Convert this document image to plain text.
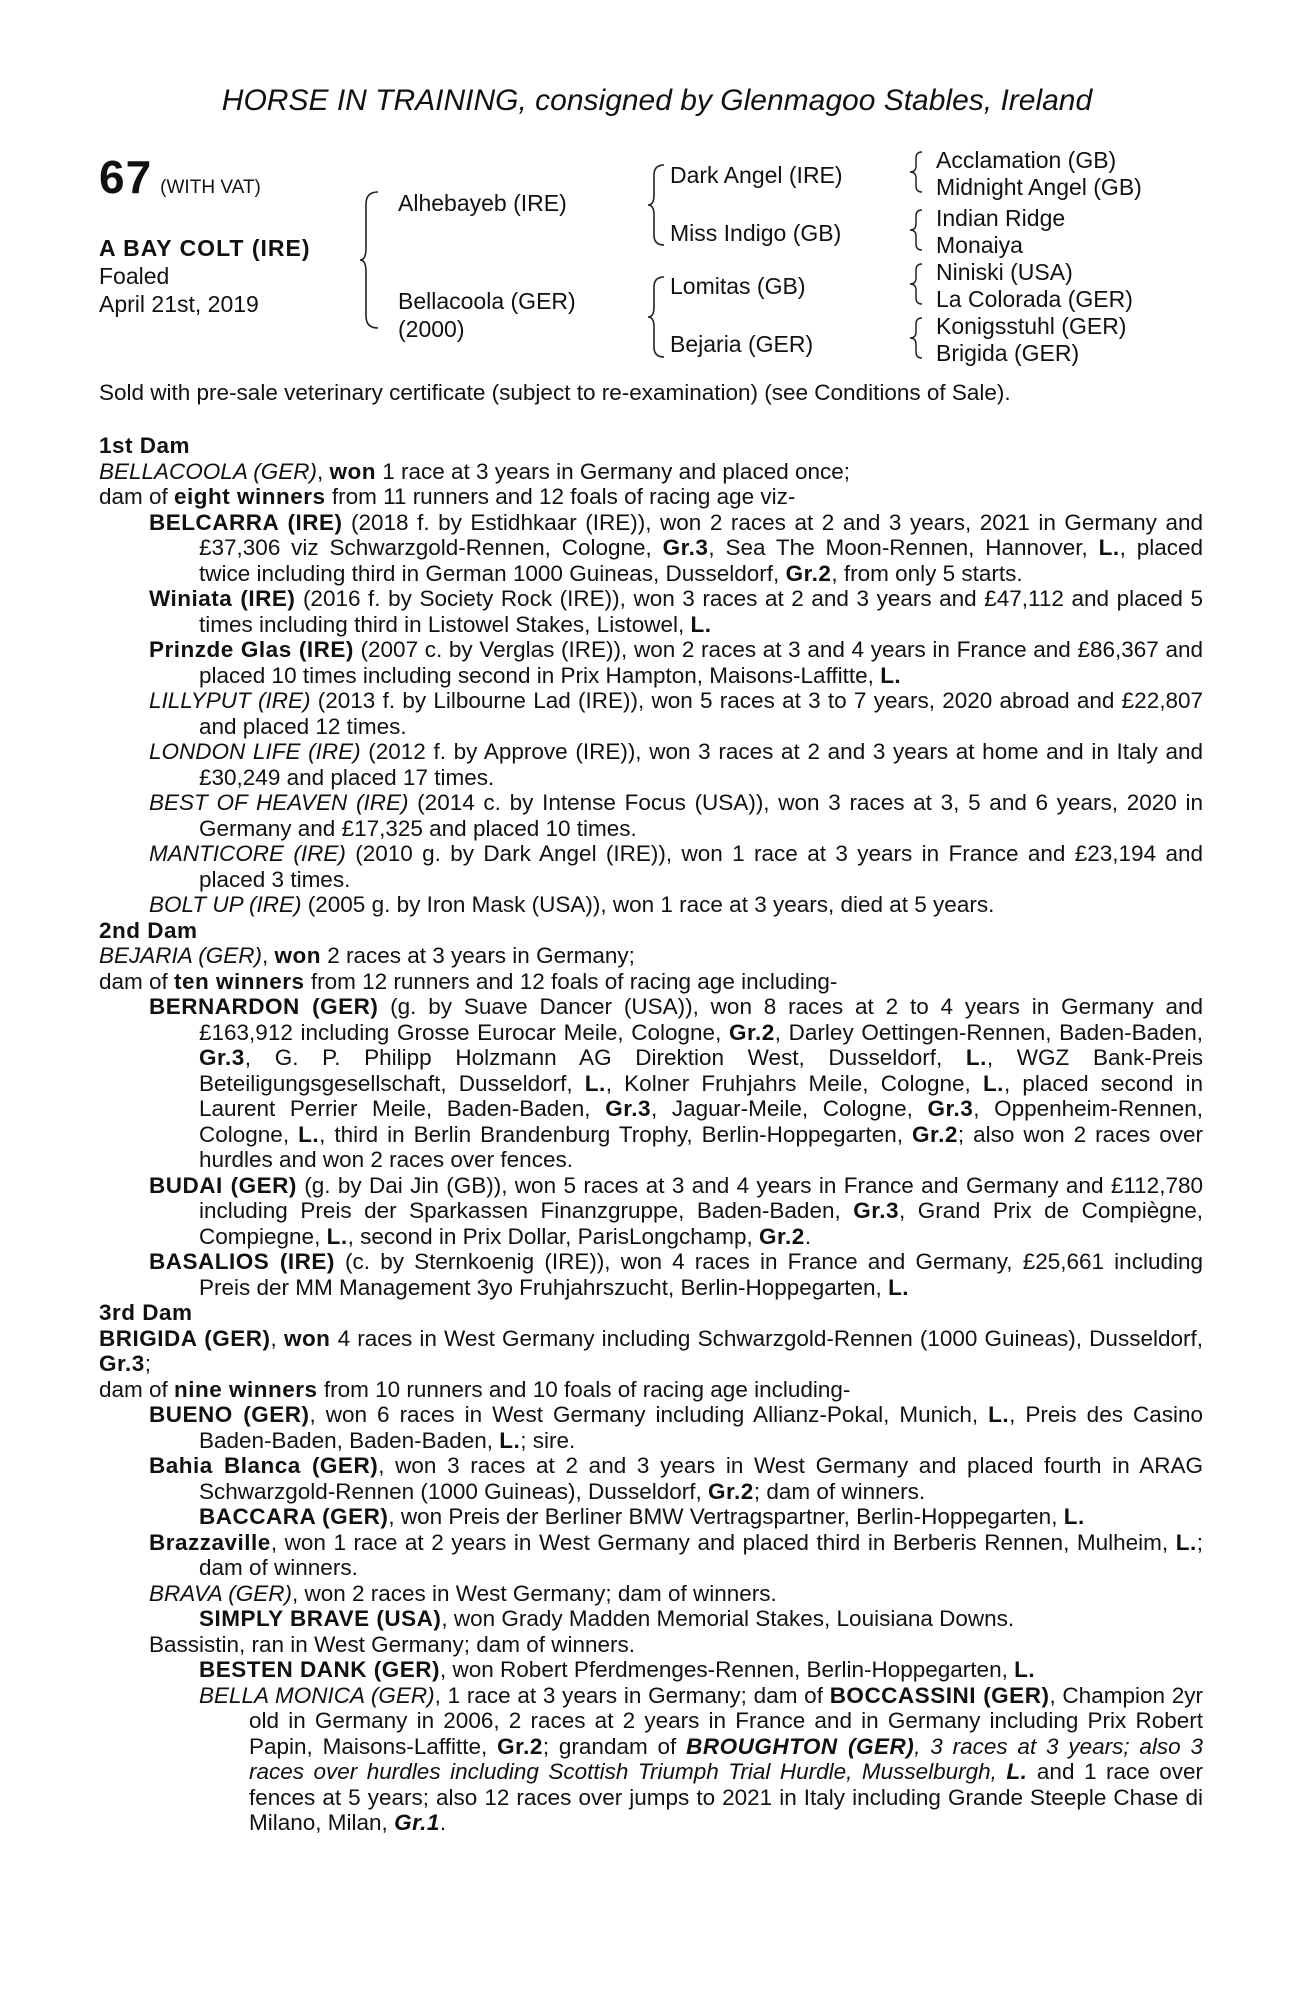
HORSE IN TRAINING, consigned by Glenmagoo Stables, Ireland
67 (WITH VAT)
A BAY COLT (IRE)
Foaled
April 21st, 2019
Alhebayeb (IRE)
Bellacoola (GER)
(2000)
Dark Angel (IRE)
Miss Indigo (GB)
Lomitas (GB)
Bejaria (GER)
Acclamation (GB)
Midnight Angel (GB)
Indian Ridge
Monaiya
Niniski (USA)
La Colorada (GER)
Konigsstuhl (GER)
Brigida (GER)
Sold with pre-sale veterinary certificate (subject to re-examination) (see Conditions of Sale).
1st Dam
BELLACOOLA (GER), won 1 race at 3 years in Germany and placed once;
dam of eight winners from 11 runners and 12 foals of racing age viz-
BELCARRA (IRE) (2018 f. by Estidhkaar (IRE)), won 2 races at 2 and 3 years, 2021 in Germany and £37,306 viz Schwarzgold-Rennen, Cologne, Gr.3, Sea The Moon-Rennen, Hannover, L., placed twice including third in German 1000 Guineas, Dusseldorf, Gr.2, from only 5 starts.
Winiata (IRE) (2016 f. by Society Rock (IRE)), won 3 races at 2 and 3 years and £47,112 and placed 5 times including third in Listowel Stakes, Listowel, L.
Prinzde Glas (IRE) (2007 c. by Verglas (IRE)), won 2 races at 3 and 4 years in France and £86,367 and placed 10 times including second in Prix Hampton, Maisons-Laffitte, L.
LILLYPUT (IRE) (2013 f. by Lilbourne Lad (IRE)), won 5 races at 3 to 7 years, 2020 abroad and £22,807 and placed 12 times.
LONDON LIFE (IRE) (2012 f. by Approve (IRE)), won 3 races at 2 and 3 years at home and in Italy and £30,249 and placed 17 times.
BEST OF HEAVEN (IRE) (2014 c. by Intense Focus (USA)), won 3 races at 3, 5 and 6 years, 2020 in Germany and £17,325 and placed 10 times.
MANTICORE (IRE) (2010 g. by Dark Angel (IRE)), won 1 race at 3 years in France and £23,194 and placed 3 times.
BOLT UP (IRE) (2005 g. by Iron Mask (USA)), won 1 race at 3 years, died at 5 years.
2nd Dam
BEJARIA (GER), won 2 races at 3 years in Germany;
dam of ten winners from 12 runners and 12 foals of racing age including-
BERNARDON (GER) (g. by Suave Dancer (USA)), won 8 races at 2 to 4 years in Germany and £163,912 including Grosse Eurocar Meile, Cologne, Gr.2, Darley Oettingen-Rennen, Baden-Baden, Gr.3, G. P. Philipp Holzmann AG Direktion West, Dusseldorf, L., WGZ Bank-Preis Beteiligungsgesellschaft, Dusseldorf, L., Kolner Fruhjahrs Meile, Cologne, L., placed second in Laurent Perrier Meile, Baden-Baden, Gr.3, Jaguar-Meile, Cologne, Gr.3, Oppenheim-Rennen, Cologne, L., third in Berlin Brandenburg Trophy, Berlin-Hoppegarten, Gr.2; also won 2 races over hurdles and won 2 races over fences.
BUDAI (GER) (g. by Dai Jin (GB)), won 5 races at 3 and 4 years in France and Germany and £112,780 including Preis der Sparkassen Finanzgruppe, Baden-Baden, Gr.3, Grand Prix de Compiègne, Compiegne, L., second in Prix Dollar, ParisLongchamp, Gr.2.
BASALIOS (IRE) (c. by Sternkoenig (IRE)), won 4 races in France and Germany, £25,661 including Preis der MM Management 3yo Fruhjahrszucht, Berlin-Hoppegarten, L.
3rd Dam
BRIGIDA (GER), won 4 races in West Germany including Schwarzgold-Rennen (1000 Guineas), Dusseldorf, Gr.3;
dam of nine winners from 10 runners and 10 foals of racing age including-
BUENO (GER), won 6 races in West Germany including Allianz-Pokal, Munich, L., Preis des Casino Baden-Baden, Baden-Baden, L.; sire.
Bahia Blanca (GER), won 3 races at 2 and 3 years in West Germany and placed fourth in ARAG Schwarzgold-Rennen (1000 Guineas), Dusseldorf, Gr.2; dam of winners.
BACCARA (GER), won Preis der Berliner BMW Vertragspartner, Berlin-Hoppegarten, L.
Brazzaville, won 1 race at 2 years in West Germany and placed third in Berberis Rennen, Mulheim, L.; dam of winners.
BRAVA (GER), won 2 races in West Germany; dam of winners.
SIMPLY BRAVE (USA), won Grady Madden Memorial Stakes, Louisiana Downs.
Bassistin, ran in West Germany; dam of winners.
BESTEN DANK (GER), won Robert Pferdmenges-Rennen, Berlin-Hoppegarten, L.
BELLA MONICA (GER), 1 race at 3 years in Germany; dam of BOCCASSINI (GER), Champion 2yr old in Germany in 2006, 2 races at 2 years in France and in Germany including Prix Robert Papin, Maisons-Laffitte, Gr.2; grandam of BROUGHTON (GER), 3 races at 3 years; also 3 races over hurdles including Scottish Triumph Trial Hurdle, Musselburgh, L. and 1 race over fences at 5 years; also 12 races over jumps to 2021 in Italy including Grande Steeple Chase di Milano, Milan, Gr.1.
